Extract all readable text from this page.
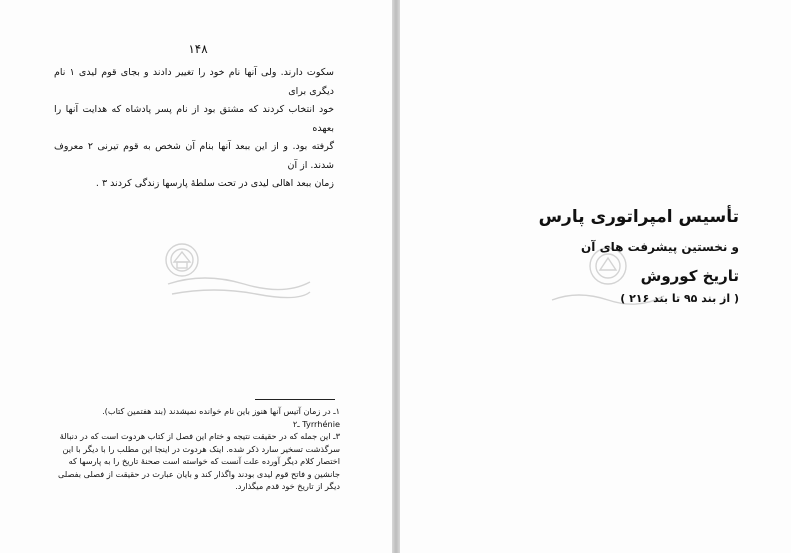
۱۴۸

سکوت دارند. ولی آنها نام خود را تغییر دادند و بجای قوم لیدی ۱ نام دیگری برای

خود انتخاب کردند که مشتق بود از نام پسر پادشاه که هدایت آنها را بعهده

گرفته بود. و از این ببعد آنها بنام آن شخص به قوم تیرنی ۲ معروف شدند. از آن

زمان ببعد اهالی لیدی در تحت سلطهٔ پارسها زندگی کردند ۳ .

۱ـ در زمان آتیس آنها هنوز باین نام خوانده نمیشدند (بند هفتمین کتاب).

۲ـ Tyrrhénie

۳ـ این جمله که در حقیقت نتیجه و ختام این فصل از کتاب هردوت است که در دنبالهٔ سرگذشت تسخیر سارد ذکر شده. اینک هردوت در اینجا این مطلب را با دیگر با این اختصار کلام دیگر آورده علت آنست که خواسته است صحنهٔ تاریخ را به پارسها که جانشین و فاتح قوم لیدی بودند واگذار کند و بایان عبارت در حقیقت از فصلی بفصلی دیگر از تاریخ خود قدم میگذارد.

تأسیس امپراتوری پارس
و نخستین پیشرفت های آن
تاریخ کوروش
( از بند ۹۵ تا بند ۲۱۶ )
